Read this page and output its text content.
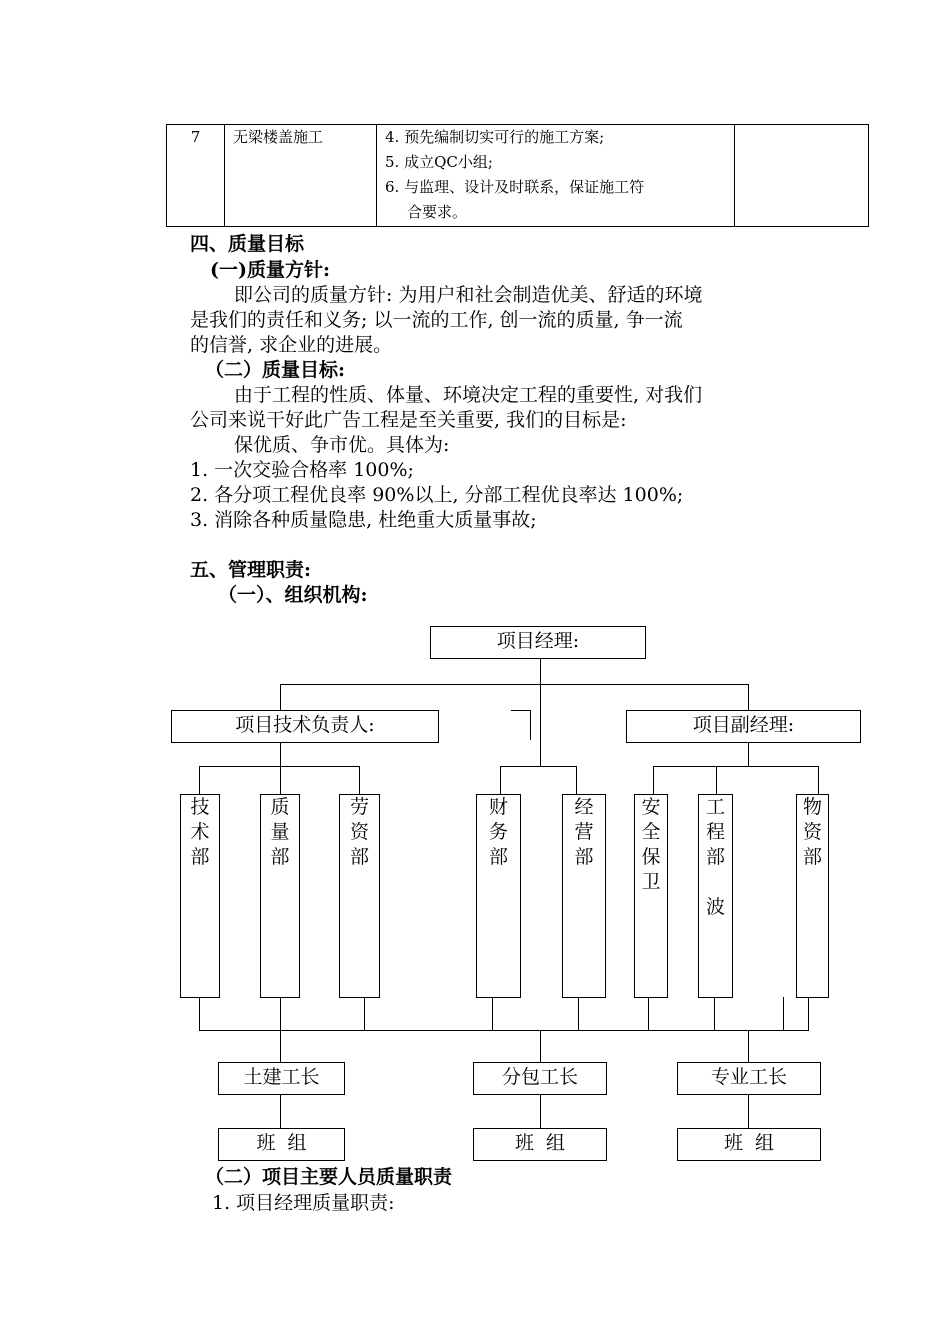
7	无梁楼盖施工	4. 预先编制切实可行的施工方案;
5. 成立QC小组;
6. 与监理、设计及时联系，保证施工符
合要求。

四、质量目标
(一)质量方针:
即公司的质量方针: 为用户和社会制造优美、舒适的环境
是我们的责任和义务; 以一流的工作, 创一流的质量, 争一流
的信誉, 求企业的进展。
（二）质量目标:
由于工程的性质、体量、环境决定工程的重要性, 对我们
公司来说干好此广告工程是至关重要, 我们的目标是:
保优质、争市优。具体为:
1. 一次交验合格率 100%;
2. 各分项工程优良率 90%以上, 分部工程优良率达 100%;
3. 消除各种质量隐患, 杜绝重大质量事故;
五、管理职责:
（一）、组织机构:
项目经理:
项目技术负责人:	项目副经理:
技
术
部
质
量
部
劳
资
部
财
务
部
经
营
部
安
全
保
卫
工
程
部
波
物
资
部
土建工长	分包工长	专业工长
班  组	班  组	班  组
（二）项目主要人员质量职责
1. 项目经理质量职责:
